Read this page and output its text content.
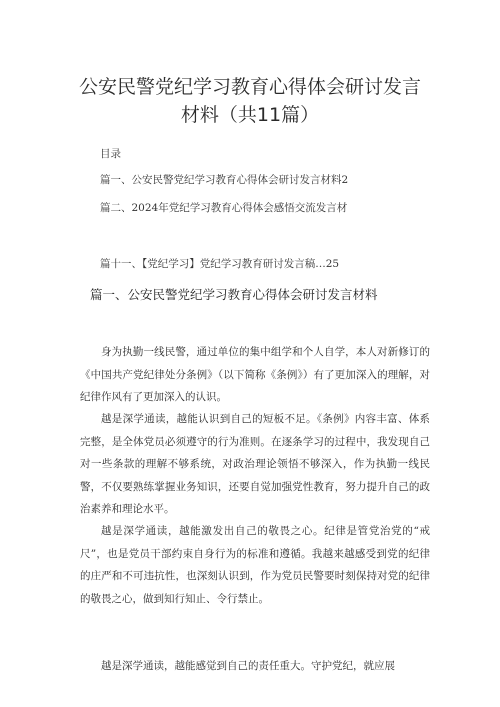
公安民警党纪学习教育心得体会研讨发言
材料（共11篇）
目录
篇一、公安民警党纪学习教育心得体会研讨发言材料2
篇二、2024年党纪学习教育心得体会感悟交流发言材
篇十一、【党纪学习】党纪学习教育研讨发言稿…25
篇一、公安民警党纪学习教育心得体会研讨发言材料

身为执勤一线民警，通过单位的集中组学和个人自学，本人对新修订的《中国共产党纪律处分条例》（以下简称《条例》）有了更加深入的理解，对纪律作风有了更加深入的认识。

越是深学通读，越能认识到自己的短板不足。《条例》内容丰富、体系完整，是全体党员必须遵守的行为准则。在逐条学习的过程中，我发现自己对一些条款的理解不够系统，对政治理论领悟不够深入，作为执勤一线民警，不仅要熟练掌握业务知识，还要自觉加强党性教育，努力提升自己的政治素养和理论水平。

越是深学通读，越能激发出自己的敬畏之心。纪律是管党治党的“戒尺”，也是党员干部约束自身行为的标准和遵循。我越来越感受到党的纪律的庄严和不可违抗性，也深刻认识到，作为党员民警要时刻保持对党的纪律的敬畏之心，做到知行知止、令行禁止。

越是深学通读，越能感觉到自己的责任重大。守护党纪，就应展
